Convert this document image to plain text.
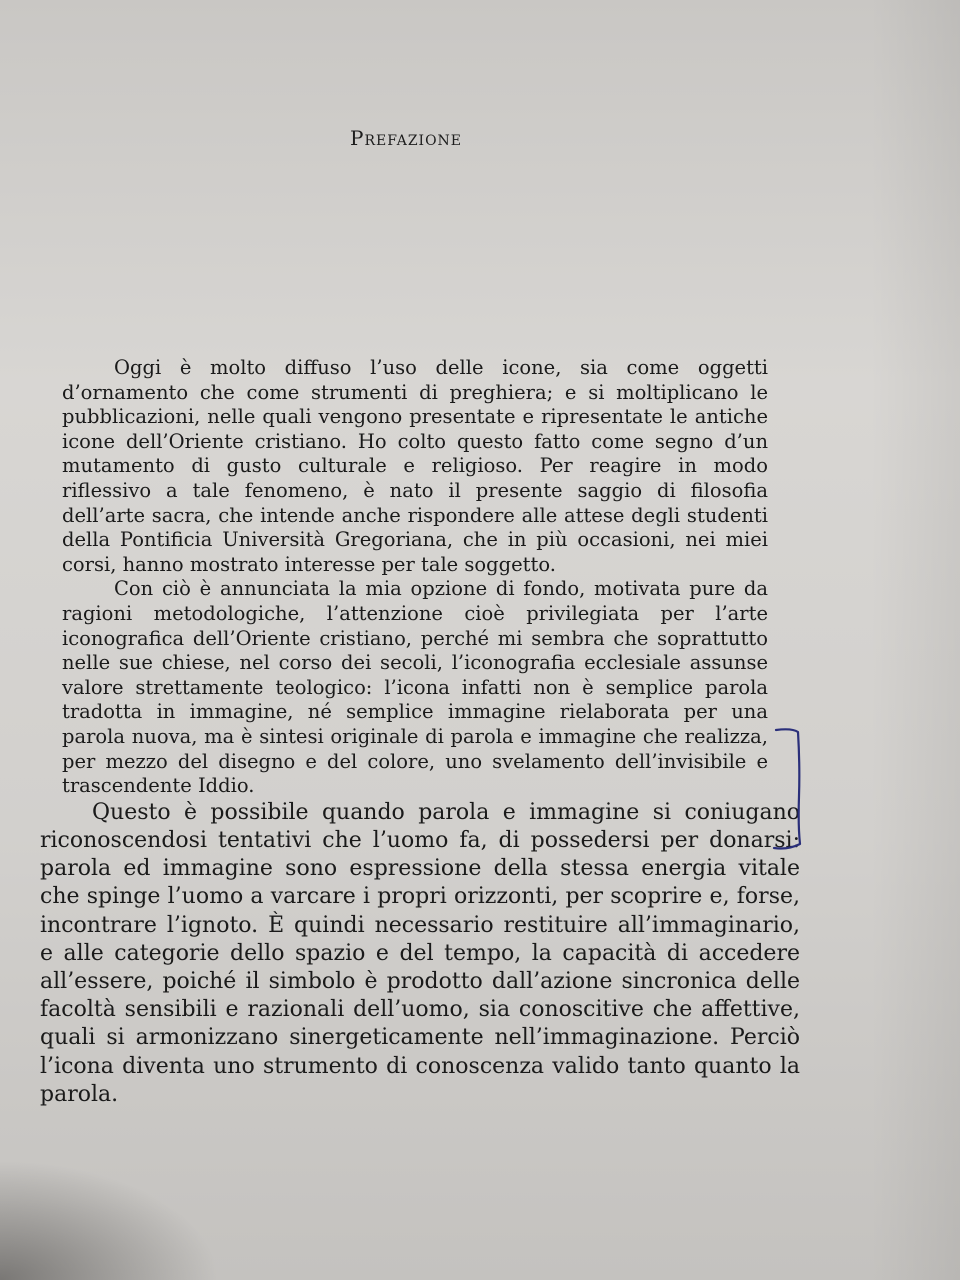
Prefazione

Oggi è molto diffuso l’uso delle icone, sia come oggetti d’ornamento che come strumenti di preghiera; e si moltiplicano le pubblicazioni, nelle quali vengono presentate e ripresentate le antiche icone dell’Oriente cristiano. Ho colto questo fatto come segno d’un mutamento di gusto culturale e religioso. Per reagire in modo riflessivo a tale fenomeno, è nato il presente saggio di filosofia dell’arte sacra, che intende anche rispondere alle attese degli studenti della Pontificia Università Gregoriana, che in più occasioni, nei miei corsi, hanno mostrato interesse per tale soggetto.

Con ciò è annunciata la mia opzione di fondo, motivata pure da ragioni metodologiche, l’attenzione cioè privilegiata per l’arte iconografica dell’Oriente cristiano, perché mi sembra che soprattutto nelle sue chiese, nel corso dei secoli, l’iconografia ecclesiale assunse valore strettamente teologico: l’icona infatti non è semplice parola tradotta in immagine, né semplice immagine rielaborata per una parola nuova, ma è sintesi originale di parola e immagine che realizza, per mezzo del disegno e del colore, uno svelamento dell’invisibile e trascendente Iddio.

Questo è possibile quando parola e immagine si coniugano riconoscendosi tentativi che l’uomo fa, di possedersi per donarsi: parola ed immagine sono espressione della stessa energia vitale che spinge l’uomo a varcare i propri orizzonti, per scoprire e, forse, incontrare l’ignoto. È quindi necessario restituire all’immaginario, e alle categorie dello spazio e del tempo, la capacità di accedere all’essere, poiché il simbolo è prodotto dall’azione sincronica delle facoltà sensibili e razionali dell’uomo, sia conoscitive che affettive, quali si armonizzano sinergeticamente nell’immaginazione. Perciò l’icona diventa uno strumento di conoscenza valido tanto quanto la parola.
